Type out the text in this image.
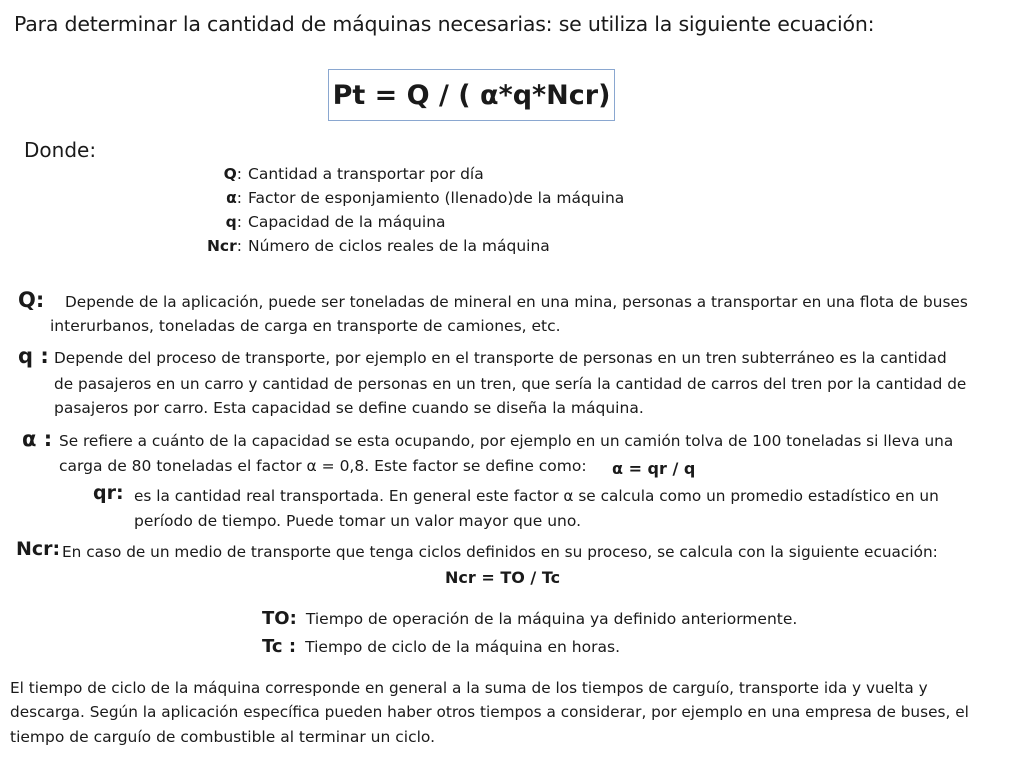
Para determinar la cantidad de máquinas necesarias: se utiliza la siguiente ecuación:
Pt = Q / ( α*q*Ncr)
Donde:
Q: Cantidad a transportar por día
α: Factor de esponjamiento (llenado)de la máquina
q: Capacidad de la máquina
Ncr: Número de ciclos reales de la máquina
Q: Depende de la aplicación, puede ser toneladas de mineral en una mina, personas a transportar en una flota de buses
interurbanos, toneladas de carga en transporte de camiones, etc.
q : Depende del proceso de transporte, por ejemplo en el transporte de personas en un tren subterráneo es la cantidad
de pasajeros en un carro y cantidad de personas en un tren, que sería la cantidad de carros del tren por la cantidad de
pasajeros por carro. Esta capacidad se define cuando se diseña la máquina.
α : Se refiere a cuánto de la capacidad se esta ocupando, por ejemplo en un camión tolva de 100 toneladas si lleva una
carga de 80 toneladas el factor α = 0,8. Este factor se define como: α = qr / q
qr: es la cantidad real transportada. En general este factor α se calcula como un promedio estadístico en un
período de tiempo. Puede tomar un valor mayor que uno.
Ncr: En caso de un medio de transporte que tenga ciclos definidos en su proceso, se calcula con la siguiente ecuación:
Ncr = TO / Tc
TO: Tiempo de operación de la máquina ya definido anteriormente.
Tc : Tiempo de ciclo de la máquina en horas.
El tiempo de ciclo de la máquina corresponde en general a la suma de los tiempos de carguío, transporte ida y vuelta y
descarga. Según la aplicación específica pueden haber otros tiempos a considerar, por ejemplo en una empresa de buses, el
tiempo de carguío de combustible al terminar un ciclo.
